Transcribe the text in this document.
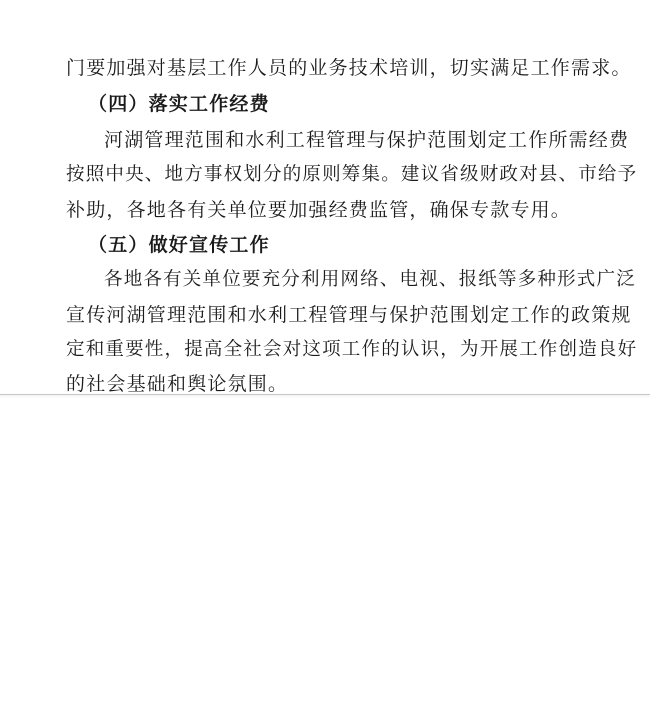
门要加强对基层工作人员的业务技术培训，切实满足工作需求。
（四）落实工作经费
河湖管理范围和水利工程管理与保护范围划定工作所需经费
按照中央、地方事权划分的原则筹集。建议省级财政对县、市给予
补助，各地各有关单位要加强经费监管，确保专款专用。
（五）做好宣传工作
各地各有关单位要充分利用网络、电视、报纸等多种形式广泛
宣传河湖管理范围和水利工程管理与保护范围划定工作的政策规
定和重要性，提高全社会对这项工作的认识，为开展工作创造良好
的社会基础和舆论氛围。
